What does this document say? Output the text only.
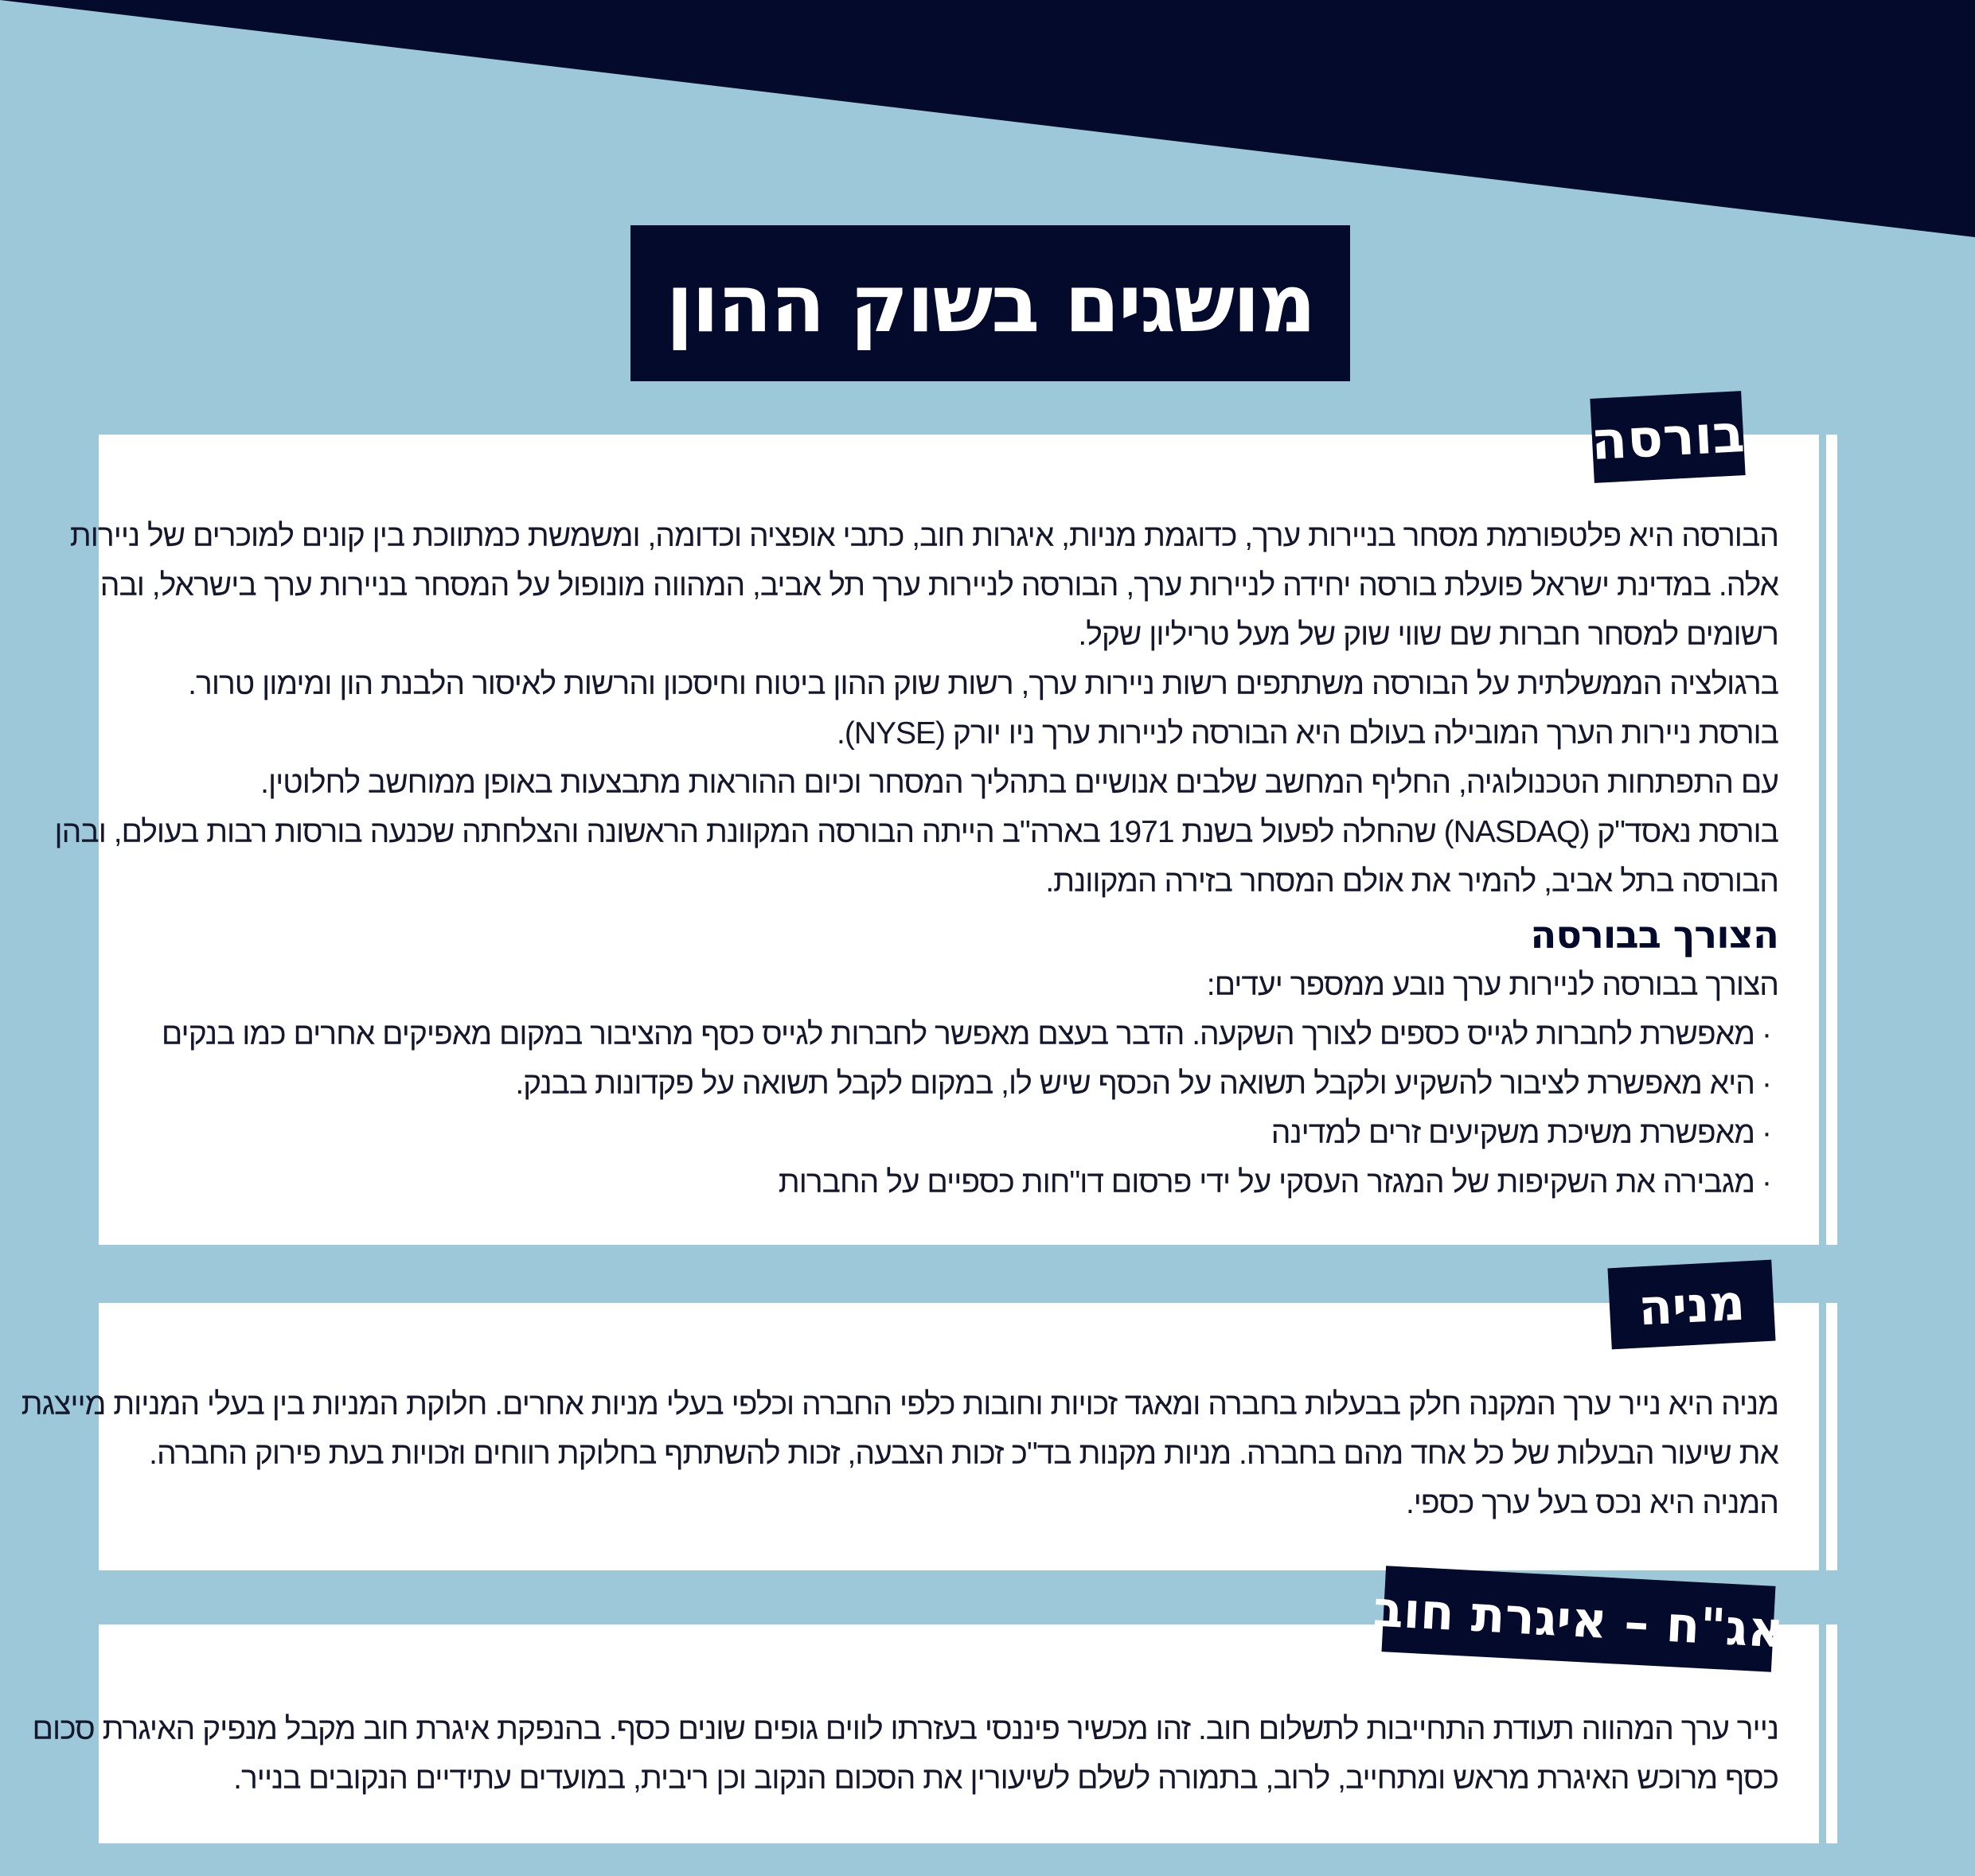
מושגים בשוק ההון
בורסה

הבורסה היא פלטפורמת מסחר בניירות ערך, כדוגמת מניות, איגרות חוב, כתבי אופציה וכדומה, ומשמשת כמתווכת בין קונים למוכרים של ניירות

אלה. במדינת ישראל פועלת בורסה יחידה לניירות ערך, הבורסה לניירות ערך תל אביב, המהווה מונופול על המסחר בניירות ערך בישראל, ובה

רשומים למסחר חברות שם שווי שוק של מעל טריליון שקל.

ברגולציה הממשלתית על הבורסה משתתפים רשות ניירות ערך, רשות שוק ההון ביטוח וחיסכון והרשות לאיסור הלבנת הון ומימון טרור.

בורסת ניירות הערך המובילה בעולם היא הבורסה לניירות ערך ניו יורק (NYSE).

עם התפתחות הטכנולוגיה, החליף המחשב שלבים אנושיים בתהליך המסחר וכיום ההוראות מתבצעות באופן ממוחשב לחלוטין.

בורסת נאסד"ק (NASDAQ) שהחלה לפעול בשנת 1971 בארה"ב הייתה הבורסה המקוונת הראשונה והצלחתה שכנעה בורסות רבות בעולם, ובהן

הבורסה בתל אביב, להמיר את אולם המסחר בזירה המקוונת.

הצורך בבורסה

הצורך בבורסה לניירות ערך נובע ממספר יעדים:

·מאפשרת לחברות לגייס כספים לצורך השקעה. הדבר בעצם מאפשר לחברות לגייס כסף מהציבור במקום מאפיקים אחרים כמו בנקים
·היא מאפשרת לציבור להשקיע ולקבל תשואה על הכסף שיש לו, במקום לקבל תשואה על פקדונות בבנק.
·מאפשרת משיכת משקיעים זרים למדינה
·מגבירה את השקיפות של המגזר העסקי על ידי פרסום דו"חות כספיים על החברות
מניה

מניה היא נייר ערך המקנה חלק בבעלות בחברה ומאגד זכויות וחובות כלפי החברה וכלפי בעלי מניות אחרים. חלוקת המניות בין בעלי המניות מייצגת

את שיעור הבעלות של כל אחד מהם בחברה. מניות מקנות בד"כ זכות הצבעה, זכות להשתתף בחלוקת רווחים וזכויות בעת פירוק החברה.

המניה היא נכס בעל ערך כספי.

אג"ח – איגרת חוב

נייר ערך המהווה תעודת התחייבות לתשלום חוב. זהו מכשיר פיננסי בעזרתו לווים גופים שונים כסף. בהנפקת איגרת חוב מקבל מנפיק האיגרת סכום

כסף מרוכש האיגרת מראש ומתחייב, לרוב, בתמורה לשלם לשיעורין את הסכום הנקוב וכן ריבית, במועדים עתידיים הנקובים בנייר.
